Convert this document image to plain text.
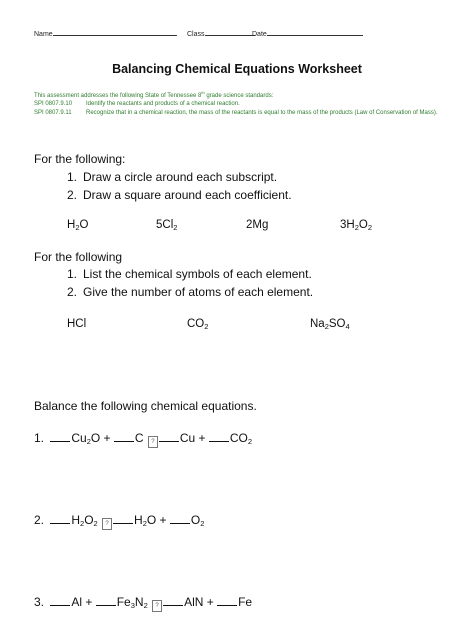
Name	Class	Date
Balancing Chemical Equations Worksheet
This assessment addresses the following State of Tennessee 8th grade science standards:
SPI 0807.9.10	Identify the reactants and products of a chemical reaction.
SPI 0807.9.11	Recognize that in a chemical reaction, the mass of the reactants is equal to the mass of the products (Law of Conservation of Mass).
For the following:
1. Draw a circle around each subscript.
2. Draw a square around each coefficient.
$H_2O$	$5Cl_2$	2Mg	$3H_2O_2$
For the following
1. List the chemical symbols of each element.
2. Give the number of atoms of each element.
HCl	$CO_2$	$Na_2SO_4$
Balance the following chemical equations.
1. $Cu_2O + C$ ? $Cu + CO_2$
2. $H_2O_2$ ? $H_2O + O_2$
3. $Al + Fe_3N_2$ ? AlN + Fe
